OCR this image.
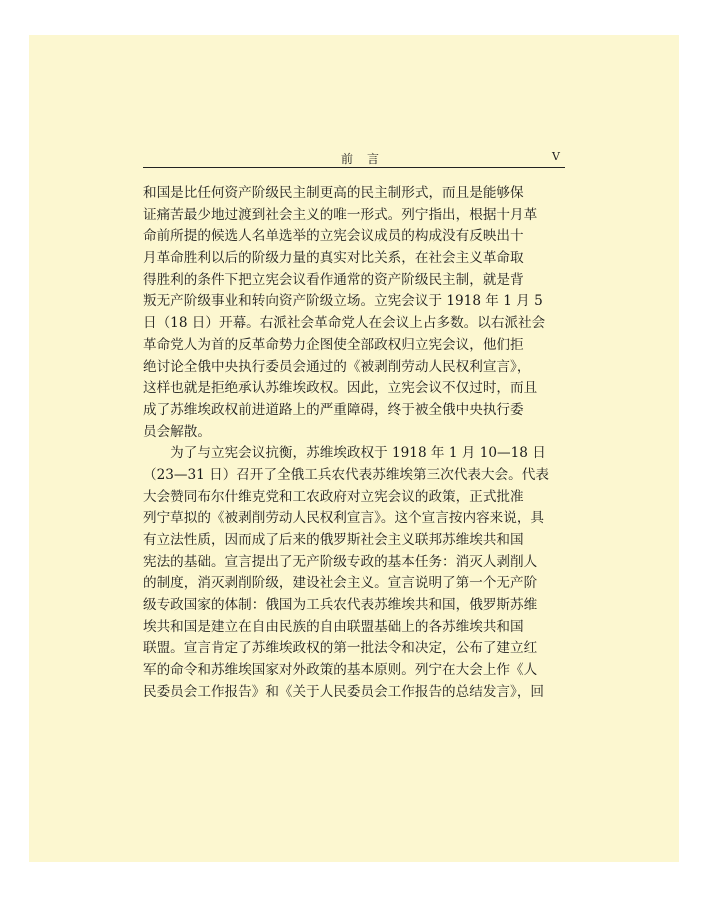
前言	V
和国是比任何资产阶级民主制更高的民主制形式，而且是能够保
证痛苦最少地过渡到社会主义的唯一形式。列宁指出，根据十月革
命前所提的候选人名单选举的立宪会议成员的构成没有反映出十
月革命胜利以后的阶级力量的真实对比关系，在社会主义革命取
得胜利的条件下把立宪会议看作通常的资产阶级民主制，就是背
叛无产阶级事业和转向资产阶级立场。立宪会议于 1918 年 1 月 5
日（18 日）开幕。右派社会革命党人在会议上占多数。以右派社会
革命党人为首的反革命势力企图使全部政权归立宪会议，他们拒
绝讨论全俄中央执行委员会通过的《被剥削劳动人民权利宣言》，
这样也就是拒绝承认苏维埃政权。因此，立宪会议不仅过时，而且
成了苏维埃政权前进道路上的严重障碍，终于被全俄中央执行委
员会解散。
　　为了与立宪会议抗衡，苏维埃政权于 1918 年 1 月 10—18 日
（23—31 日）召开了全俄工兵农代表苏维埃第三次代表大会。代表
大会赞同布尔什维克党和工农政府对立宪会议的政策，正式批准
列宁草拟的《被剥削劳动人民权利宣言》。这个宣言按内容来说，具
有立法性质，因而成了后来的俄罗斯社会主义联邦苏维埃共和国
宪法的基础。宣言提出了无产阶级专政的基本任务：消灭人剥削人
的制度，消灭剥削阶级，建设社会主义。宣言说明了第一个无产阶
级专政国家的体制：俄国为工兵农代表苏维埃共和国，俄罗斯苏维
埃共和国是建立在自由民族的自由联盟基础上的各苏维埃共和国
联盟。宣言肯定了苏维埃政权的第一批法令和决定，公布了建立红
军的命令和苏维埃国家对外政策的基本原则。列宁在大会上作《人
民委员会工作报告》和《关于人民委员会工作报告的总结发言》，回
